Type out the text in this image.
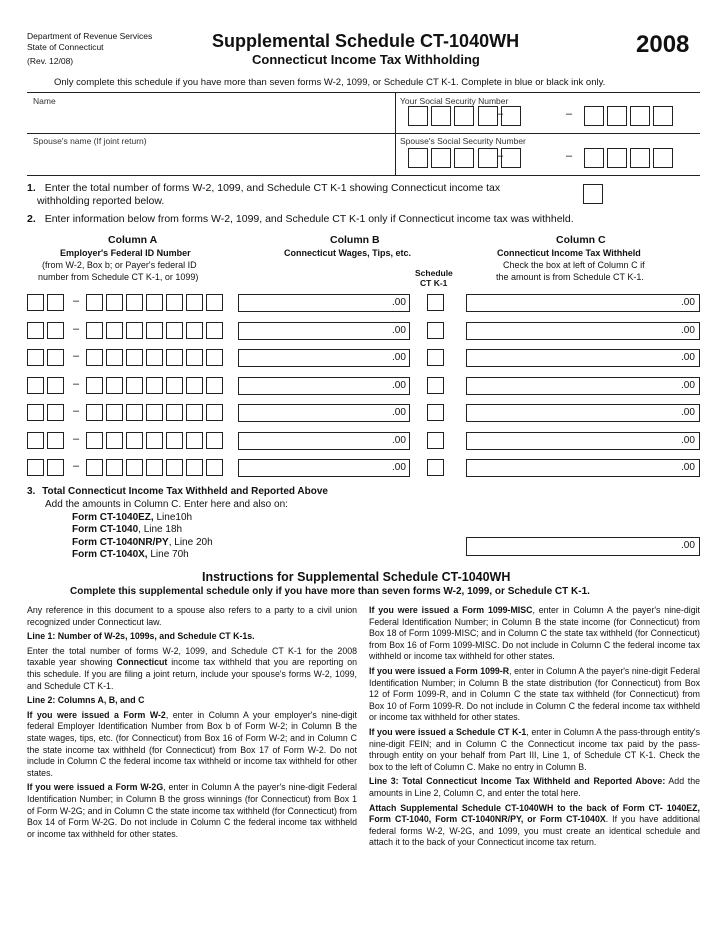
Department of Revenue Services
State of Connecticut
(Rev. 12/08)
Supplemental Schedule CT-1040WH
Connecticut Income Tax Withholding
2008
Only complete this schedule if you have more than seven forms W-2, 1099, or Schedule CT K-1. Complete in blue or black ink only.
Name	Your Social Security Number
Spouse's name (If joint return)	Spouse's Social Security Number
–	–
–	–
1. Enter the total number of forms W-2, 1099, and Schedule CT K-1 showing Connecticut income tax
withholding reported below.
2. Enter information below from forms W-2, 1099, and Schedule CT K-1 only if Connecticut income tax was withheld.
Column A
Employer's Federal ID Number
(from W-2, Box b; or Payer's federal ID
number from Schedule CT K-1, or 1099)
Column B
Connecticut Wages, Tips, etc.
Schedule
CT K-1
Column C
Connecticut Income Tax Withheld
Check the box at left of Column C if
the amount is from Schedule CT K-1.
–	.00	.00
–	.00	.00
–	.00	.00
–	.00	.00
–	.00	.00
–	.00	.00
–	.00	.00
3. Total Connecticut Income Tax Withheld and Reported Above
Add the amounts in Column C. Enter here and also on:
Form CT-1040EZ, Line10h
Form CT-1040, Line 18h
Form CT-1040NR/PY, Line 20h
Form CT-1040X, Line 70h
.00
Instructions for Supplemental Schedule CT-1040WH
Complete this supplemental schedule only if you have more than seven forms W-2, 1099, or Schedule CT K-1.

Any reference in this document to a spouse also refers to a party to a civil union recognized under Connecticut law.

Line 1: Number of W-2s, 1099s, and Schedule CT K-1s.

Enter the total number of forms W-2, 1099, and Schedule CT K-1 for the 2008 taxable year showing Connecticut income tax withheld that you are reporting on this schedule. If you are filing a joint return, include your spouse's forms W-2, 1099, and Schedule CT K-1.

Line 2: Columns A, B, and C

If you were issued a Form W-2, enter in Column A your employer's nine-digit federal Employer Identification Number from Box b of Form W-2; in Column B the state wages, tips, etc. (for Connecticut) from Box 16 of Form W-2; and in Column C the state income tax withheld (for Connecticut) from Box 17 of Form W-2. Do not include in Column C the federal income tax withheld or income tax withheld for other states.

If you were issued a Form W-2G, enter in Column A the payer's nine-digit Federal Identification Number; in Column B the gross winnings (for Connecticut) from Box 1 of Form W-2G; and in Column C the state income tax withheld (for Connecticut) from Box 14 of Form W-2G. Do not include in Column C the federal income tax withheld or income tax withheld for other states.

If you were issued a Form 1099-MISC, enter in Column A the payer's nine-digit Federal Identification Number; in Column B the state income (for Connecticut) from Box 18 of Form 1099-MISC; and in Column C the state tax withheld (for Connecticut) from Box 16 of Form 1099-MISC. Do not include in Column C the federal income tax withheld or income tax withheld for other states.

If you were issued a Form 1099-R, enter in Column A the payer's nine-digit Federal Identification Number; in Column B the state distribution (for Connecticut) from Box 12 of Form 1099-R, and in Column C the state tax withheld (for Connecticut) from Box 10 of Form 1099-R. Do not include in Column C the federal income tax withheld or income tax withheld for other states.

If you were issued a Schedule CT K-1, enter in Column A the pass-through entity's nine-digit FEIN; and in Column C the Connecticut income tax paid by the pass-through entity on your behalf from Part III, Line 1, of Schedule CT K-1. Check the box to the left of Column C. Make no entry in Column B.

Line 3: Total Connecticut Income Tax Withheld and Reported Above: Add the amounts in Line 2, Column C, and enter the total here.

Attach Supplemental Schedule CT-1040WH to the back of Form CT- 1040EZ, Form CT-1040, Form CT-1040NR/PY, or Form CT-1040X. If you have additional federal forms W-2, W-2G, and 1099, you must create an identical schedule and attach it to the back of your Connecticut income tax return.
